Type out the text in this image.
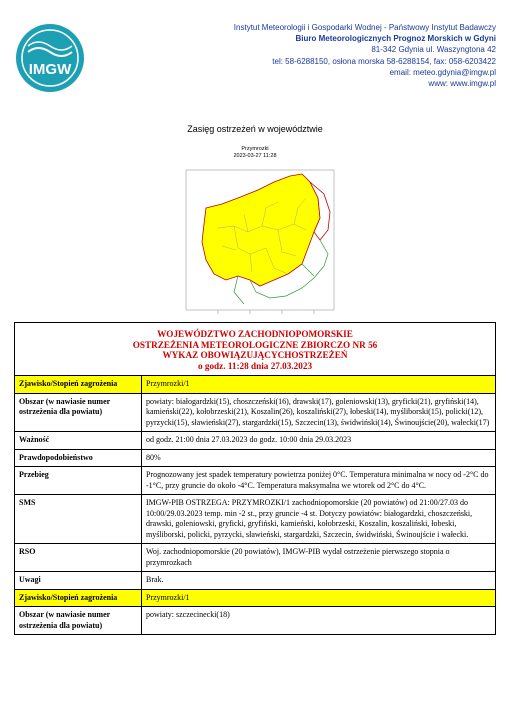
IMGW
Instytut Meteorologii i Gospodarki Wodnej - Państwowy Instytut Badawczy
Biuro Meteorologicznych Prognoz Morskich w Gdyni
81-342 Gdynia ul. Waszyngtona 42
tel: 58-6288150, osłona morska 58-6288154, fax: 058-6203422
email: meteo.gdynia@imgw.pl
www: www.imgw.pl
Zasięg ostrzeżeń w województwie
Przymrozki
2023-03-27 11:28
WOJEWÓDZTWO ZACHODNIOPOMORSKIE
OSTRZEŻENIA METEOROLOGICZNE ZBIORCZO NR 56
WYKAZ OBOWIĄZUJĄCYCHOSTRZEŻEŃ
o godz. 11:28 dnia 27.03.2023	

Zjawisko/Stopień zagrożenia	Przymrozki/1
Obszar (w nawiasie numer ostrzeżenia dla powiatu)	powiaty: białogardzki(15), choszczeński(16), drawski(17), goleniowski(13), gryficki(21), gryfiński(14), kamieński(22), kołobrzeski(21), Koszalin(26), koszaliński(27), łobeski(14), myśliborski(15), policki(12), pyrzycki(15), sławieński(27), stargardzki(15), Szczecin(13), świdwiński(14), Świnoujście(20), wałecki(17)
Ważność	od godz. 21:00 dnia 27.03.2023 do godz. 10:00 dnia 29.03.2023
Prawdopodobieństwo	80%
Przebieg	Prognozowany jest spadek temperatury powietrza poniżej 0°C. Temperatura minimalna w nocy od -2°C do -1°C, przy gruncie do około -4°C. Temperatura maksymalna we wtorek od 2°C do 4°C.
SMS	IMGW-PIB OSTRZEGA: PRZYMROZKI/1 zachodniopomorskie (20 powiatów) od 21:00/27.03 do 10:00/29.03.2023 temp. min -2 st., przy gruncie -4 st. Dotyczy powiatów: białogardzki, choszczeński, drawski, goleniowski, gryficki, gryfiński, kamieński, kołobrzeski, Koszalin, koszaliński, łobeski, myśliborski, policki, pyrzycki, sławieński, stargardzki, Szczecin, świdwiński, Świnoujście i wałecki.
RSO	Woj. zachodniopomorskie (20 powiatów), IMGW-PIB wydał ostrzeżenie pierwszego stopnia o przymrozkach
Uwagi	Brak.
Zjawisko/Stopień zagrożenia	Przymrozki/1
Obszar (w nawiasie numer ostrzeżenia dla powiatu)	powiaty: szczecinecki(18)
